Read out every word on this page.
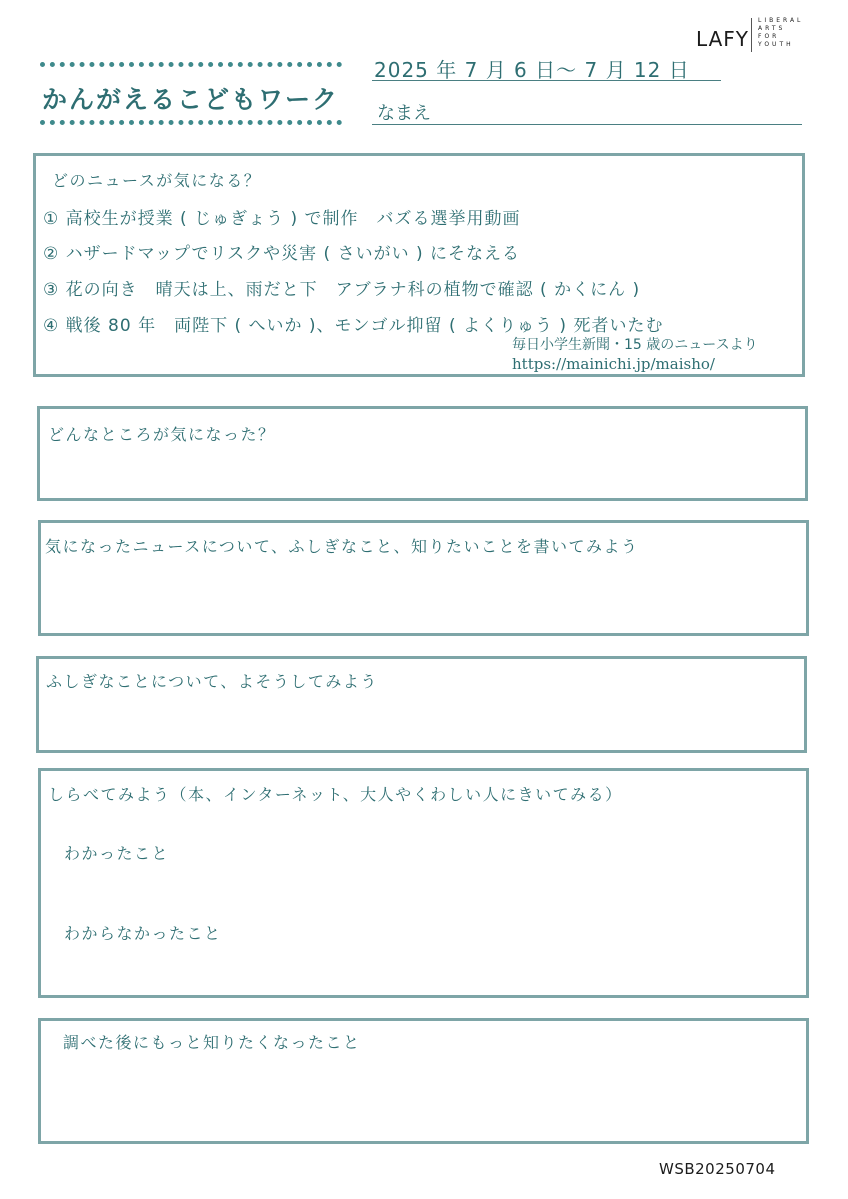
かんがえるこどもワーク
2025 年 7 月 6 日～ 7 月 12 日
なまえ
LAFY
LIBERAL
ARTS
FOR
YOUTH
どのニュースが気になる？
① 高校生が授業 ( じゅぎょう ) で制作　バズる選挙用動画
② ハザードマップでリスクや災害 ( さいがい ) にそなえる
③ 花の向き　晴天は上、雨だと下　アブラナ科の植物で確認 ( かくにん )
④ 戦後 80 年　両陛下 ( へいか )、モンゴル抑留 ( よくりゅう ) 死者いたむ
毎日小学生新聞・15 歳のニュースより
https://mainichi.jp/maisho/
どんなところが気になった？
気になったニュースについて、ふしぎなこと、知りたいことを書いてみよう
ふしぎなことについて、よそうしてみよう
しらべてみよう（本、インターネット、大人やくわしい人にきいてみる）
わかったこと
わからなかったこと
調べた後にもっと知りたくなったこと
WSB20250704
